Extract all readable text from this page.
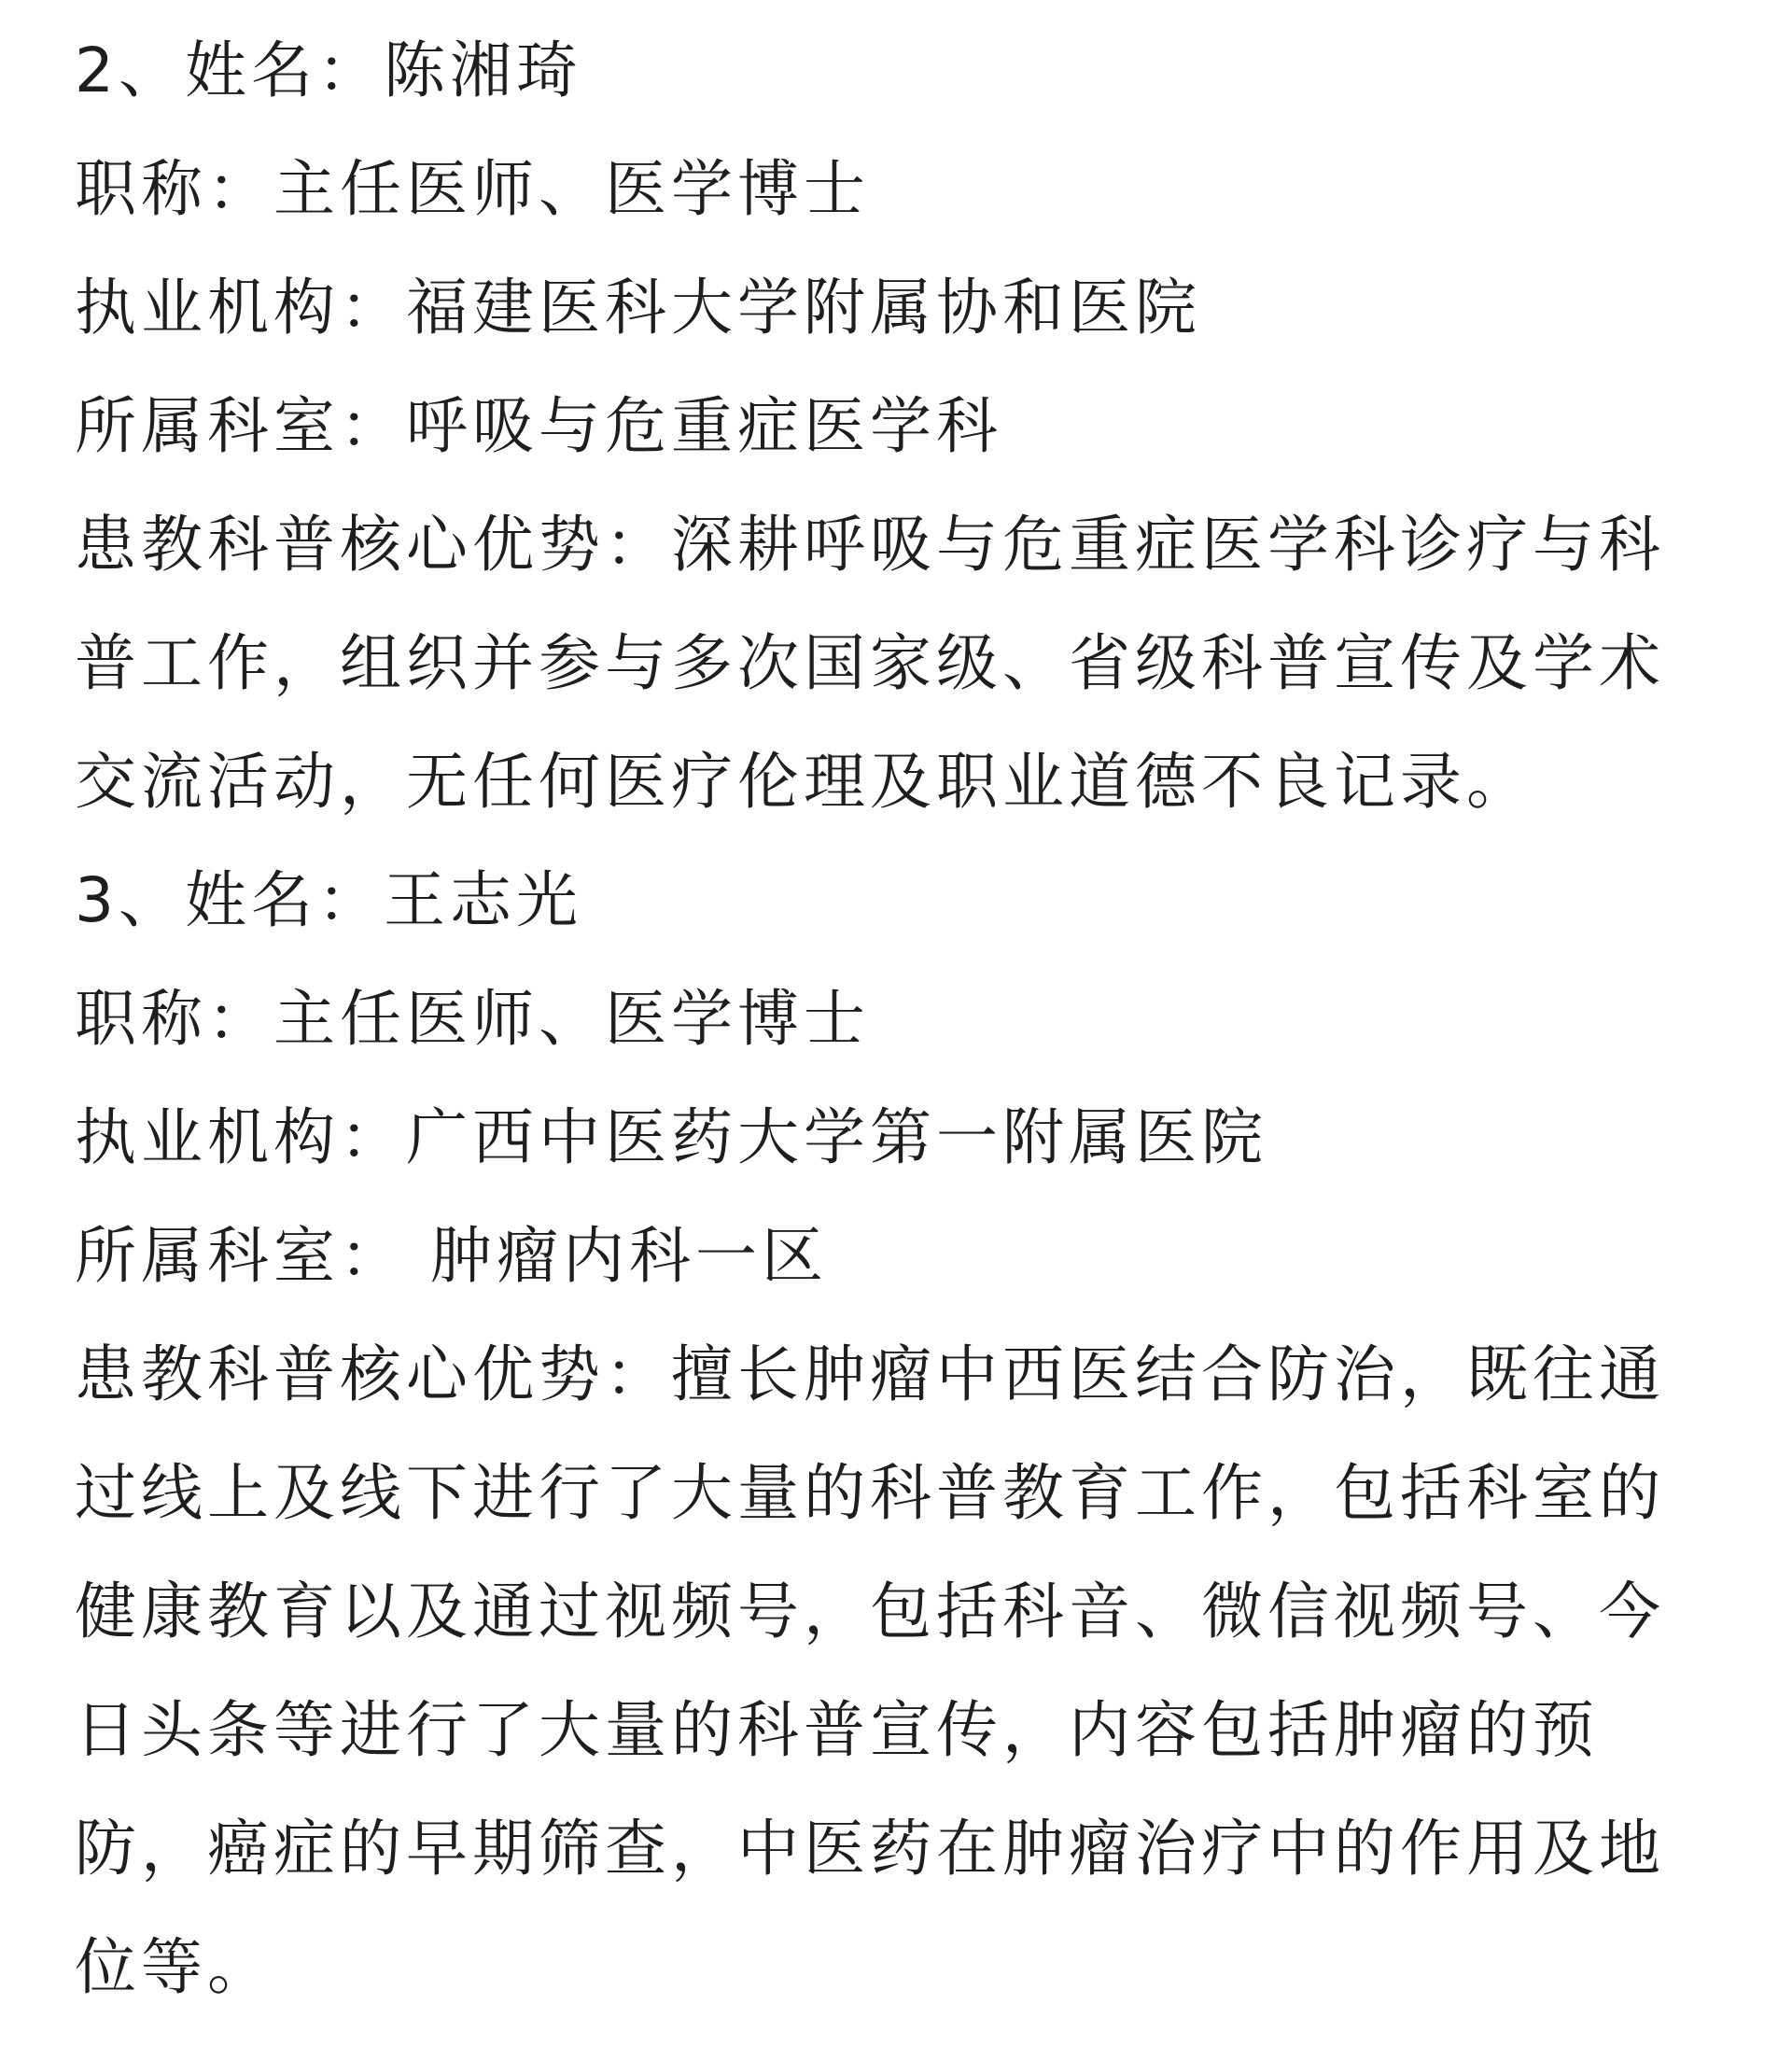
2、姓名：陈湘琦
职称：主任医师、医学博士
执业机构：福建医科大学附属协和医院
所属科室：呼吸与危重症医学科
患教科普核心优势：深耕呼吸与危重症医学科诊疗与科
普工作，组织并参与多次国家级、省级科普宣传及学术
交流活动，无任何医疗伦理及职业道德不良记录。
3、姓名：王志光
职称：主任医师、医学博士
执业机构：广西中医药大学第一附属医院
所属科室： 肿瘤内科一区
患教科普核心优势：擅长肿瘤中西医结合防治，既往通
过线上及线下进行了大量的科普教育工作，包括科室的
健康教育以及通过视频号，包括科音、微信视频号、今
日头条等进行了大量的科普宣传，内容包括肿瘤的预
防，癌症的早期筛查，中医药在肿瘤治疗中的作用及地
位等。
